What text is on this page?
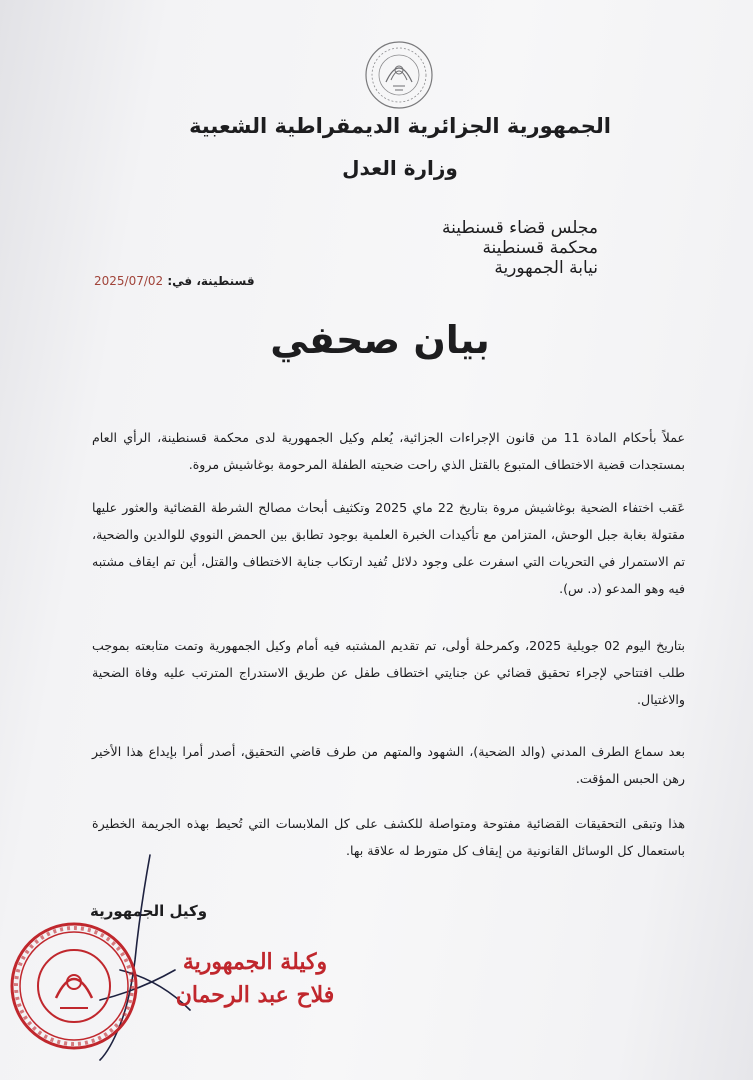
الجمهورية الجزائرية الديمقراطية الشعبية
وزارة العدل
مجلس قضاء قسنطينة
محكمة قسنطينة
نيابة الجمهورية
قسنطينة، في: 2025/07/02
بيان صحفي
عملاً بأحكام المادة 11 من قانون الإجراءات الجزائية، يُعلم وكيل الجمهورية لدى محكمة قسنطينة، الرأي العام بمستجدات قضية الاختطاف المتبوع بالقتل الذي راحت ضحيته الطفلة المرحومة بوغاشيش مروة.
عَقب اختفاء الضحية بوغاشيش مروة بتاريخ 22 ماي 2025 وتكثيف أبحاث مصالح الشرطة القضائية والعثور عليها مقتولة بغابة جبل الوحش، المتزامن مع تأكيدات الخبرة العلمية بوجود تطابق بين الحمض النووي للوالدين والضحية، تم الاستمرار في التحريات التي اسفرت على وجود دلائل تُفيد ارتكاب جناية الاختطاف والقتل، أين تم ايقاف مشتبه فيه وهو المدعو (د. س).
بتاريخ اليوم 02 جويلية 2025، وكمرحلة أولى، تم تقديم المشتبه فيه أمام وكيل الجمهورية وتمت متابعته بموجب طلب افتتاحي لإجراء تحقيق قضائي عن جنايتي اختطاف طفل عن طريق الاستدراج المترتب عليه وفاة الضحية والاغتيال.
بعد سماع الطرف المدني (والد الضحية)، الشهود والمتهم من طرف قاضي التحقيق، أصدر أمرا بإيداع هذا الأخير رهن الحبس المؤقت.
هذا وتبقى التحقيقات القضائية مفتوحة ومتواصلة للكشف على كل الملابسات التي تُحيط بهذه الجريمة الخطيرة باستعمال كل الوسائل القانونية من إيقاف كل متورط له علاقة بها.
وكيل الجمهورية
وكيلة الجمهورية
فلاح عبد الرحمان
